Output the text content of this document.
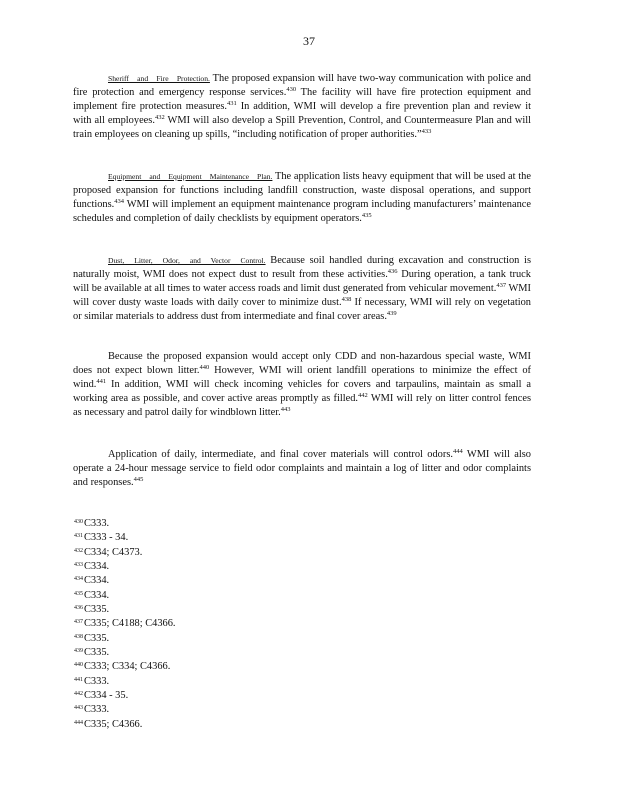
37

Sheriff and Fire Protection. The proposed expansion will have two-way communication with police and fire protection and emergency response services.$^{430}$ The facility will have fire protection equipment and implement fire protection measures.$^{431}$ In addition, WMI will develop a fire prevention plan and review it with all employees.$^{432}$ WMI will also develop a Spill Prevention, Control, and Countermeasure Plan and will train employees on cleaning up spills, “including notification of proper authorities.”$^{433}$

Equipment and Equipment Maintenance Plan. The application lists heavy equipment that will be used at the proposed expansion for functions including landfill construction, waste disposal operations, and support functions.$^{434}$ WMI will implement an equipment maintenance program including manufacturers’ maintenance schedules and completion of daily checklists by equipment operators.$^{435}$

Dust, Litter, Odor, and Vector Control. Because soil handled during excavation and construction is naturally moist, WMI does not expect dust to result from these activities.$^{436}$ During operation, a tank truck will be available at all times to water access roads and limit dust generated from vehicular movement.$^{437}$ WMI will cover dusty waste loads with daily cover to minimize dust.$^{438}$ If necessary, WMI will rely on vegetation or similar materials to address dust from intermediate and final cover areas.$^{439}$

Because the proposed expansion would accept only CDD and non-hazardous special waste, WMI does not expect blown litter.$^{440}$ However, WMI will orient landfill operations to minimize the effect of wind.$^{441}$ In addition, WMI will check incoming vehicles for covers and tarpaulins, maintain as small a working area as possible, and cover active areas promptly as filled.$^{442}$ WMI will rely on litter control fences as necessary and patrol daily for windblown litter.$^{443}$

Application of daily, intermediate, and final cover materials will control odors.$^{444}$ WMI will also operate a 24-hour message service to field odor complaints and maintain a log of litter and odor complaints and responses.$^{445}$

$^{430}$C333.
$^{431}$C333 - 34.
$^{432}$C334; C4373.
$^{433}$C334.
$^{434}$C334.
$^{435}$C334.
$^{436}$C335.
$^{437}$C335; C4188; C4366.
$^{438}$C335.
$^{439}$C335.
$^{440}$C333; C334; C4366.
$^{441}$C333.
$^{442}$C334 - 35.
$^{443}$C333.
$^{444}$C335; C4366.
